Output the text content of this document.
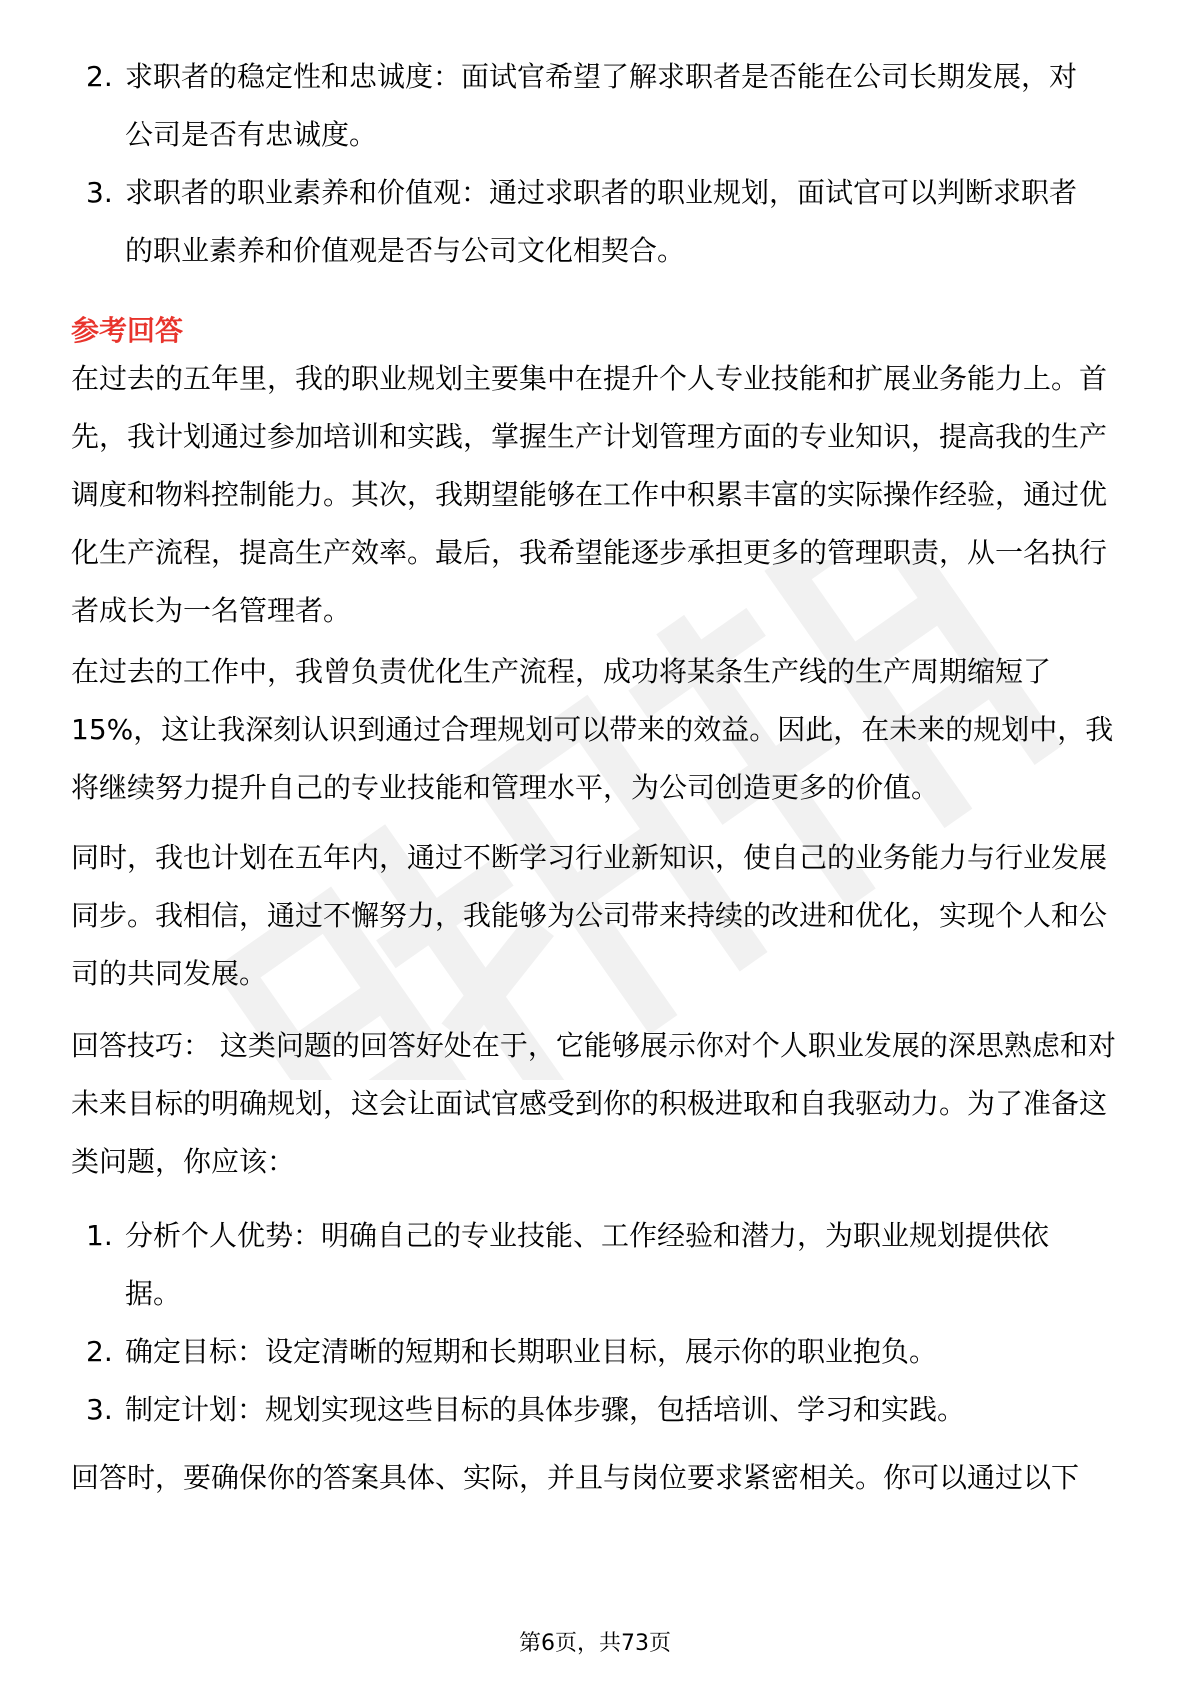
2. 求职者的稳定性和忠诚度：面试官希望了解求职者是否能在公司长期发展，对公司是否有忠诚度。
3. 求职者的职业素养和价值观：通过求职者的职业规划，面试官可以判断求职者的职业素养和价值观是否与公司文化相契合。
参考回答

在过去的五年里，我的职业规划主要集中在提升个人专业技能和扩展业务能力上。首先，我计划通过参加培训和实践，掌握生产计划管理方面的专业知识，提高我的生产调度和物料控制能力。其次，我期望能够在工作中积累丰富的实际操作经验，通过优化生产流程，提高生产效率。最后，我希望能逐步承担更多的管理职责，从一名执行者成长为一名管理者。

在过去的工作中，我曾负责优化生产流程，成功将某条生产线的生产周期缩短了15%，这让我深刻认识到通过合理规划可以带来的效益。因此，在未来的规划中，我将继续努力提升自己的专业技能和管理水平，为公司创造更多的价值。

同时，我也计划在五年内，通过不断学习行业新知识，使自己的业务能力与行业发展同步。我相信，通过不懈努力，我能够为公司带来持续的改进和优化，实现个人和公司的共同发展。

回答技巧： 这类问题的回答好处在于，它能够展示你对个人职业发展的深思熟虑和对未来目标的明确规划，这会让面试官感受到你的积极进取和自我驱动力。为了准备这类问题，你应该：

1. 分析个人优势：明确自己的专业技能、工作经验和潜力，为职业规划提供依据。
2. 确定目标：设定清晰的短期和长期职业目标，展示你的职业抱负。
3. 制定计划：规划实现这些目标的具体步骤，包括培训、学习和实践。

回答时，要确保你的答案具体、实际，并且与岗位要求紧密相关。你可以通过以下

第6页，共73页
